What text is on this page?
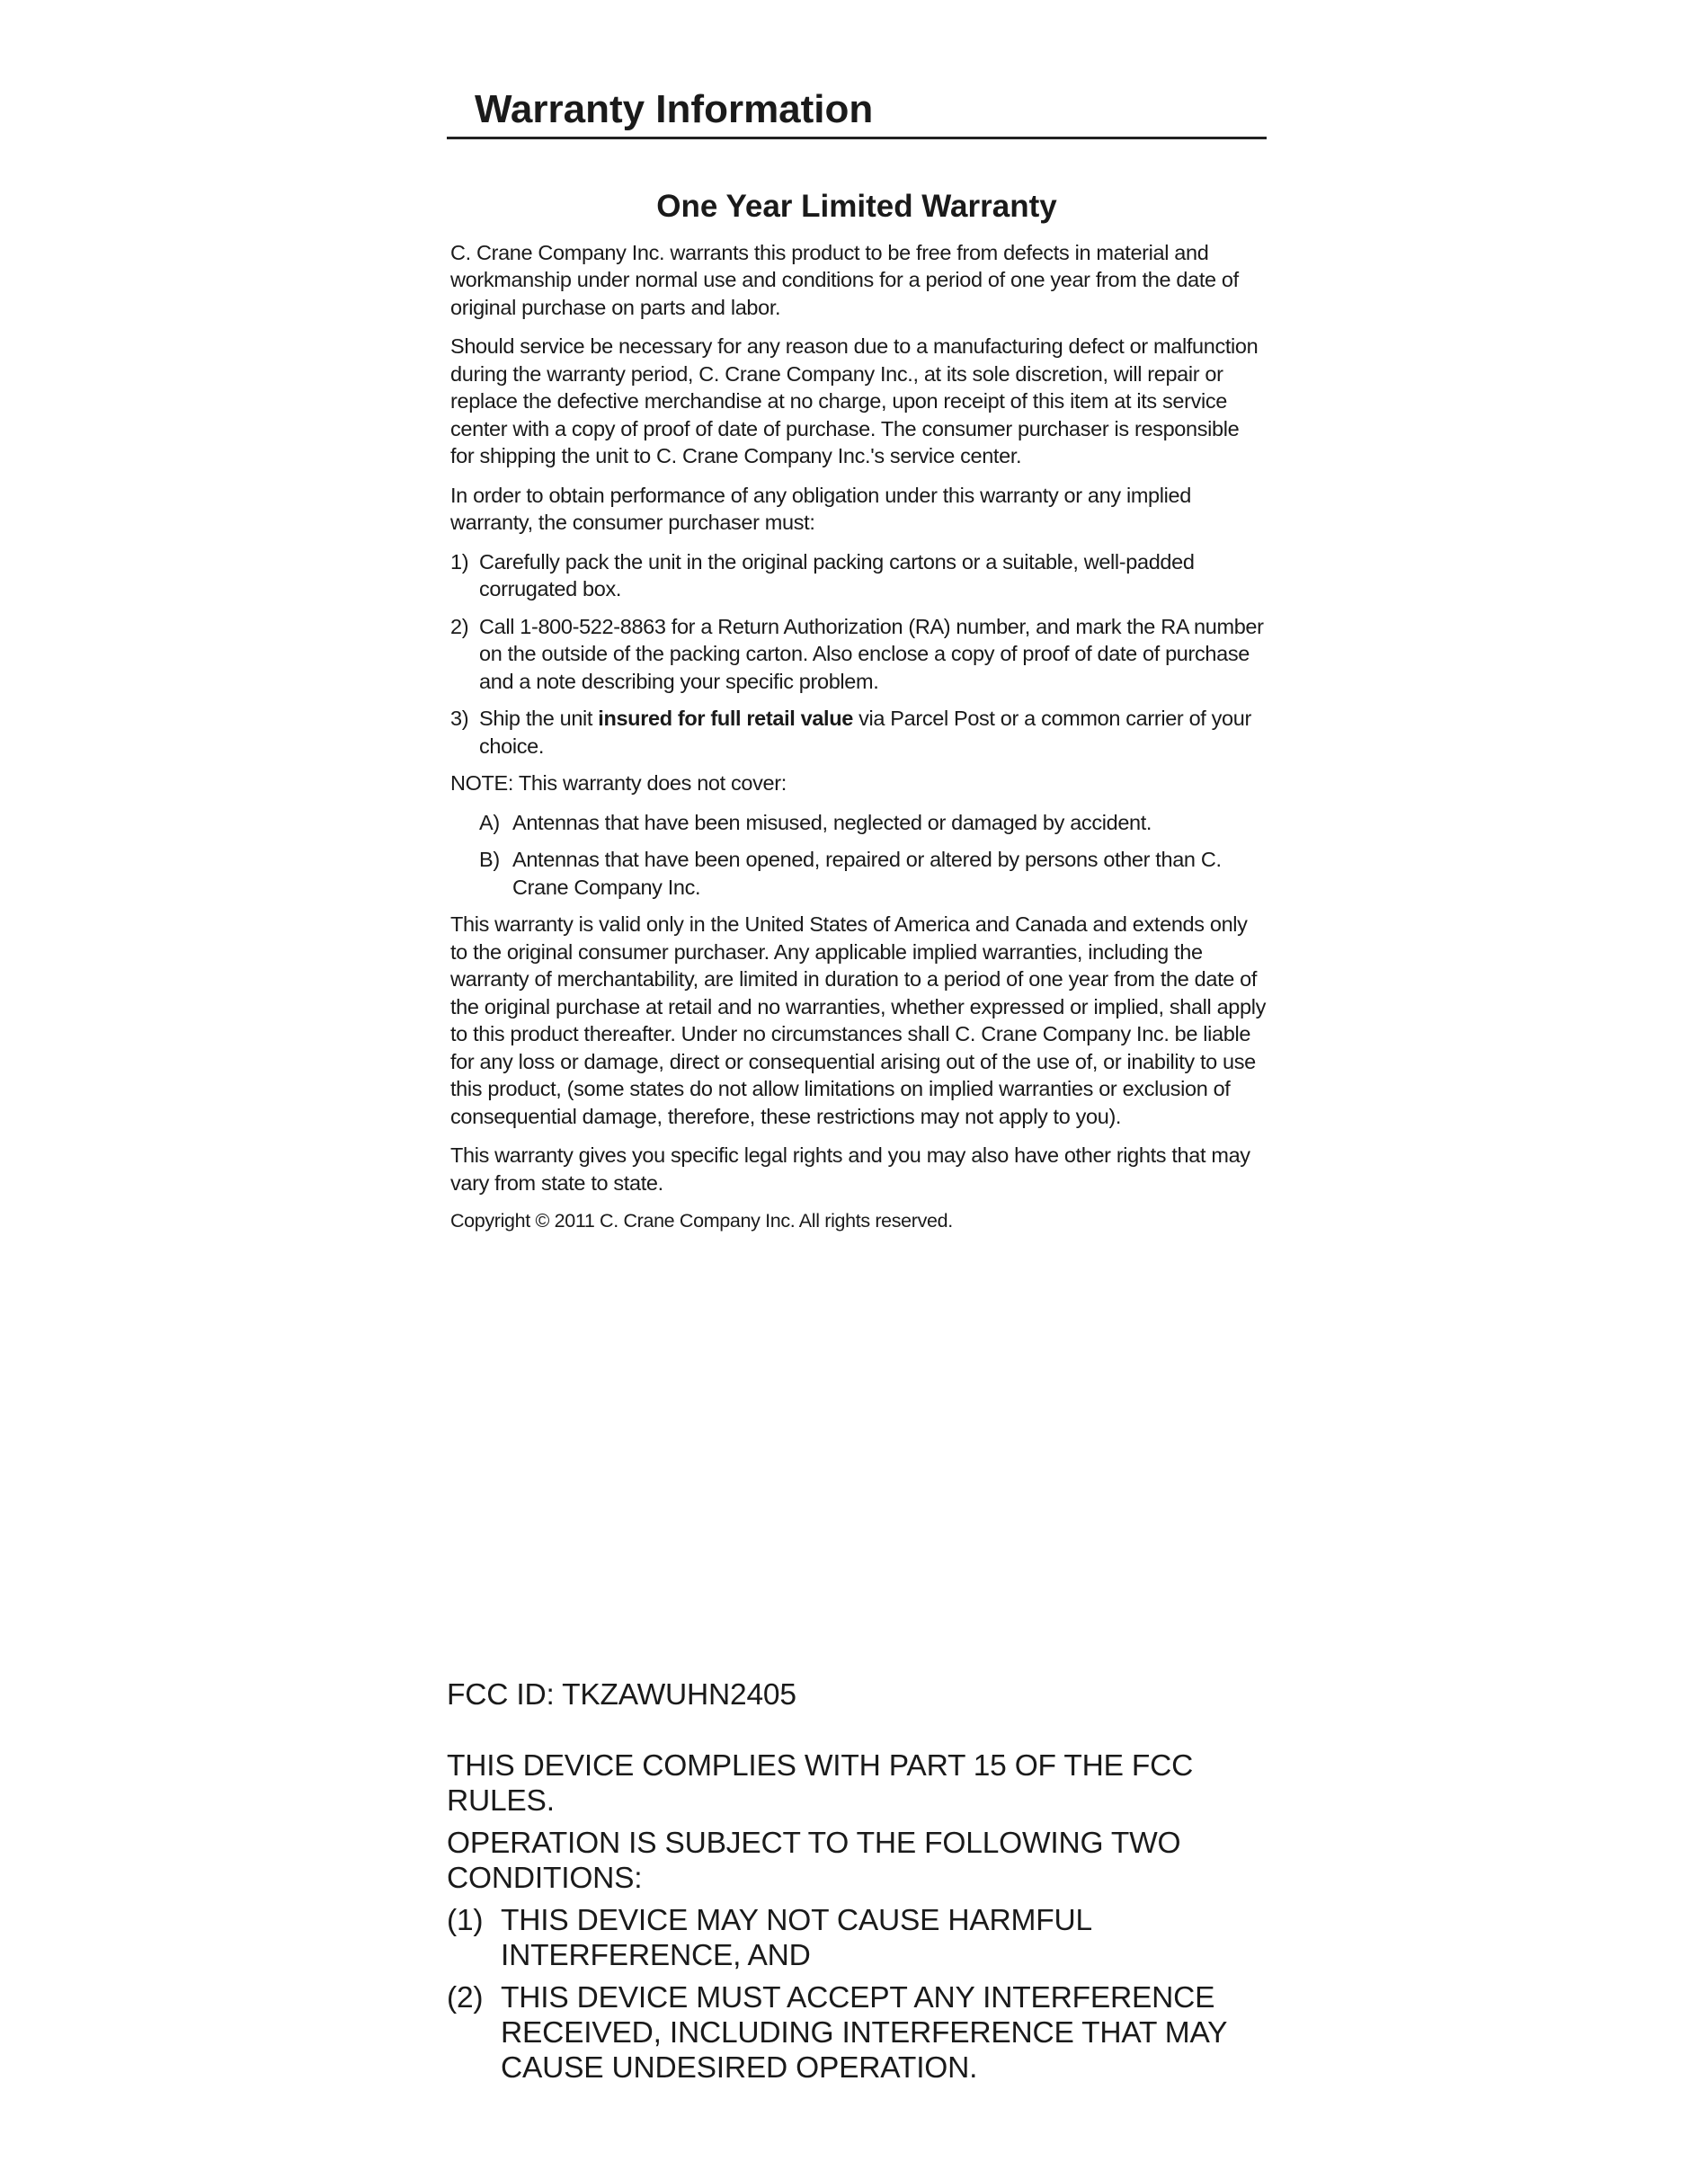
Warranty Information
One Year Limited Warranty

C. Crane Company Inc. warrants this product to be free from defects in material and workmanship under normal use and conditions for a period of one year from the date of original purchase on parts and labor.

Should service be necessary for any reason due to a manufacturing defect or malfunction during the warranty period, C. Crane Company Inc., at its sole discretion, will repair or replace the defective merchandise at no charge, upon receipt of this item at its service center with a copy of proof of date of purchase. The consumer purchaser is responsible for shipping the unit to C. Crane Company Inc.'s service center.

In order to obtain performance of any obligation under this warranty or any implied warranty, the consumer purchaser must:

1) Carefully pack the unit in the original packing cartons or a suitable, well-padded corrugated box.
2) Call 1-800-522-8863 for a Return Authorization (RA) number, and mark the RA number on the outside of the packing carton. Also enclose a copy of proof of date of purchase and a note describing your specific problem.
3) Ship the unit insured for full retail value via Parcel Post or a common carrier of your choice.

NOTE: This warranty does not cover:

A) Antennas that have been misused, neglected or damaged by accident.
B) Antennas that have been opened, repaired or altered by persons other than C. Crane Company Inc.

This warranty is valid only in the United States of America and Canada and extends only to the original consumer purchaser. Any applicable implied warranties, including the warranty of merchantability, are limited in duration to a period of one year from the date of the original purchase at retail and no warranties, whether expressed or implied, shall apply to this product thereafter. Under no circumstances shall C. Crane Company Inc. be liable for any loss or damage, direct or consequential arising out of the use of, or inability to use this product, (some states do not allow limitations on implied warranties or exclusion of consequential damage, therefore, these restrictions may not apply to you).

This warranty gives you specific legal rights and you may also have other rights that may vary from state to state.

Copyright © 2011 C. Crane Company Inc. All rights reserved.

FCC ID: TKZAWUHN2405

THIS DEVICE COMPLIES WITH PART 15 OF THE FCC RULES.

OPERATION IS SUBJECT TO THE FOLLOWING TWO CONDITIONS:

(1) THIS DEVICE MAY NOT CAUSE HARMFUL INTERFERENCE, AND
(2) THIS DEVICE MUST ACCEPT ANY INTERFERENCE RECEIVED, INCLUDING INTERFERENCE THAT MAY CAUSE UNDESIRED OPERATION.
